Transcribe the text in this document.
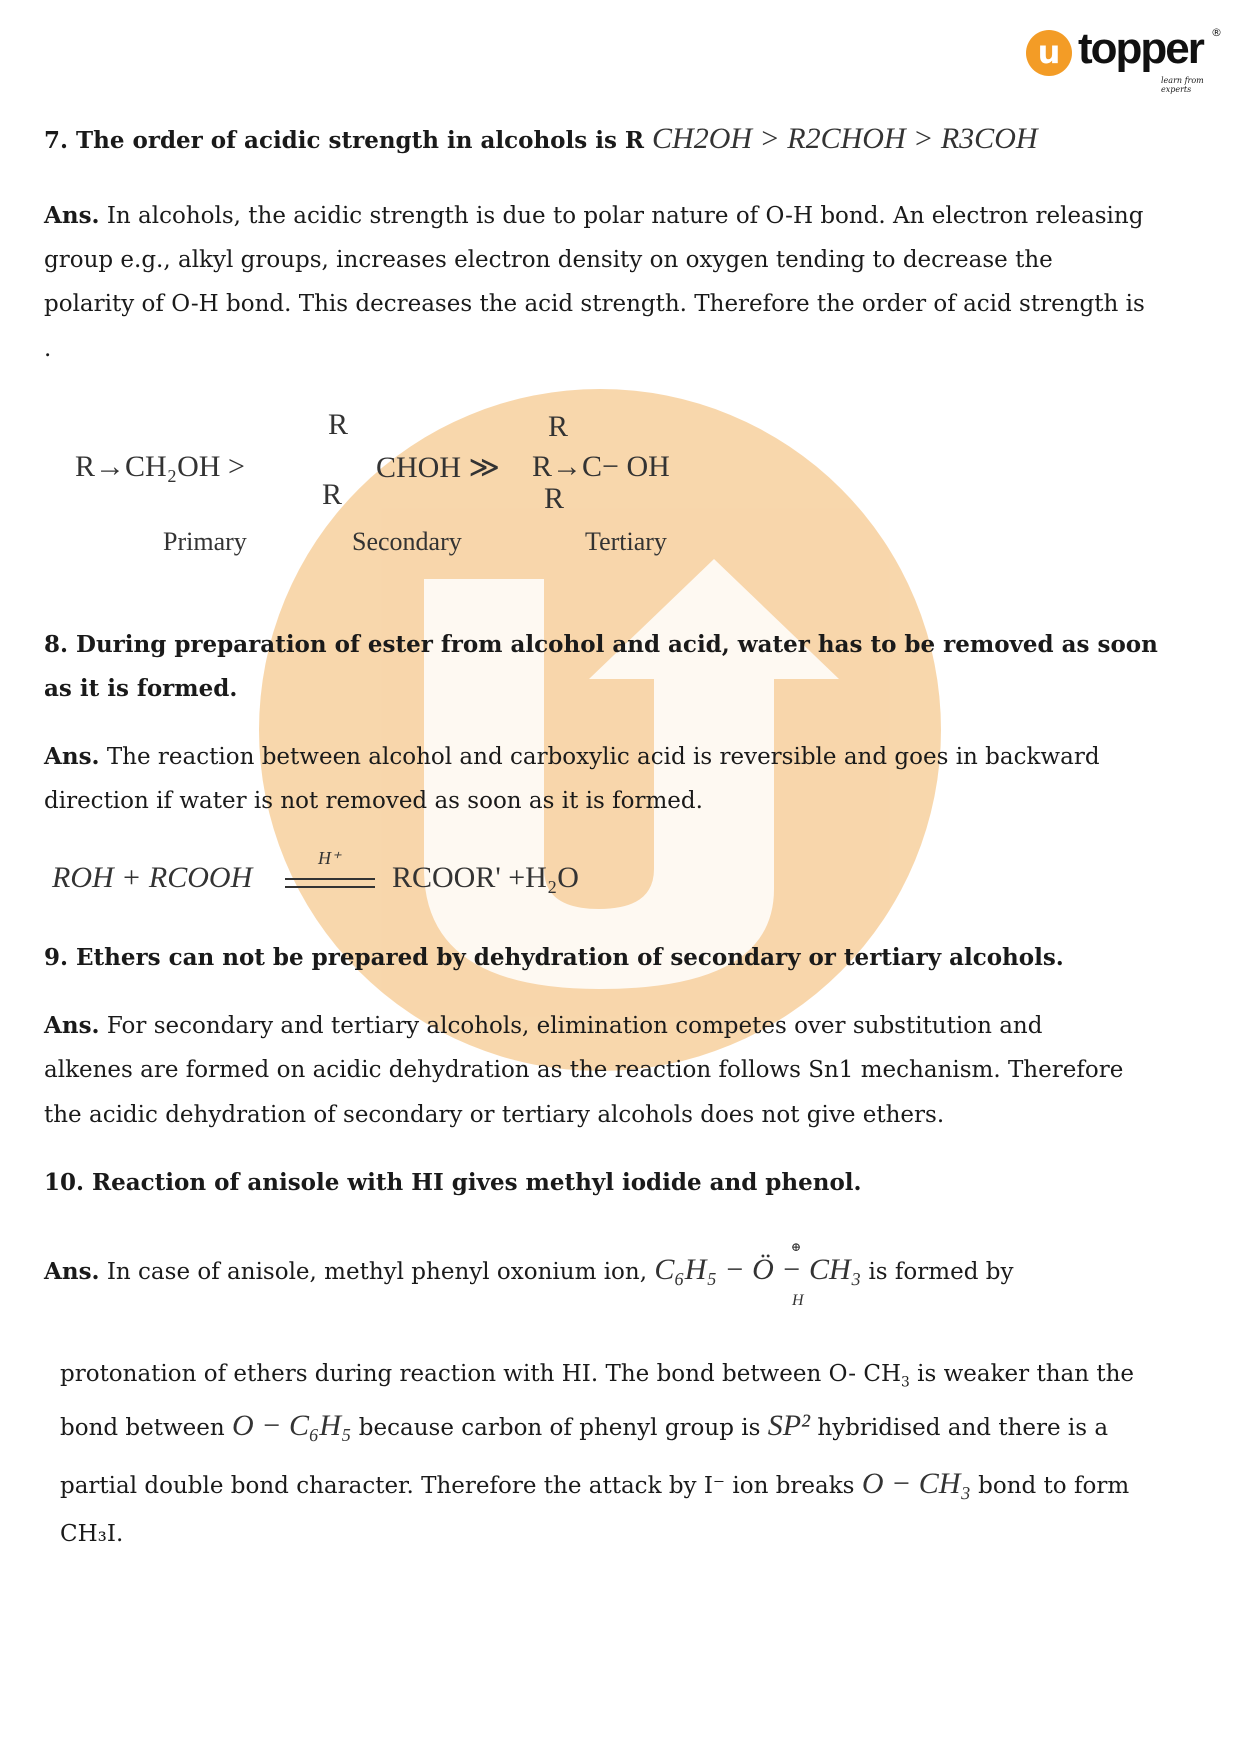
u topper ®
learn from experts
7. The order of acidic strength in alcohols is R CH2OH > R2CHOH > R3COH
Ans. In alcohols, the acidic strength is due to polar nature of O-H bond. An electron releasing
group e.g., alkyl groups, increases electron density on oxygen tending to decrease the
polarity of O-H bond. This decreases the acid strength. Therefore the order of acid strength is
.
R→CH₂OH >
R
CHOH ≫
R
R
R→C− OH
R
Primary	Secondary	Tertiary
8. During preparation of ester from alcohol and acid, water has to be removed as soon
as it is formed.
Ans. The reaction between alcohol and carboxylic acid is reversible and goes in backward
direction if water is not removed as soon as it is formed.
ROH + RCOOH
H⁺
RCOOR' +H₂O
9. Ethers can not be prepared by dehydration of secondary or tertiary alcohols.
Ans. For secondary and tertiary alcohols, elimination competes over substitution and
alkenes are formed on acidic dehydration as the reaction follows Sn1 mechanism. Therefore
the acidic dehydration of secondary or tertiary alcohols does not give ethers.
10. Reaction of anisole with HI gives methyl iodide and phenol.
Ans. In case of anisole, methyl phenyl oxonium ion, C₆H₅ − Ö − CH₃ is formed by
⊕
H
protonation of ethers during reaction with HI. The bond between O- $CH_3$ is weaker than the
bond between O − C₆H₅ because carbon of phenyl group is SP² hybridised and there is a
partial double bond character. Therefore the attack by I⁻ ion breaks O − CH₃ bond to form
CH₃I.
